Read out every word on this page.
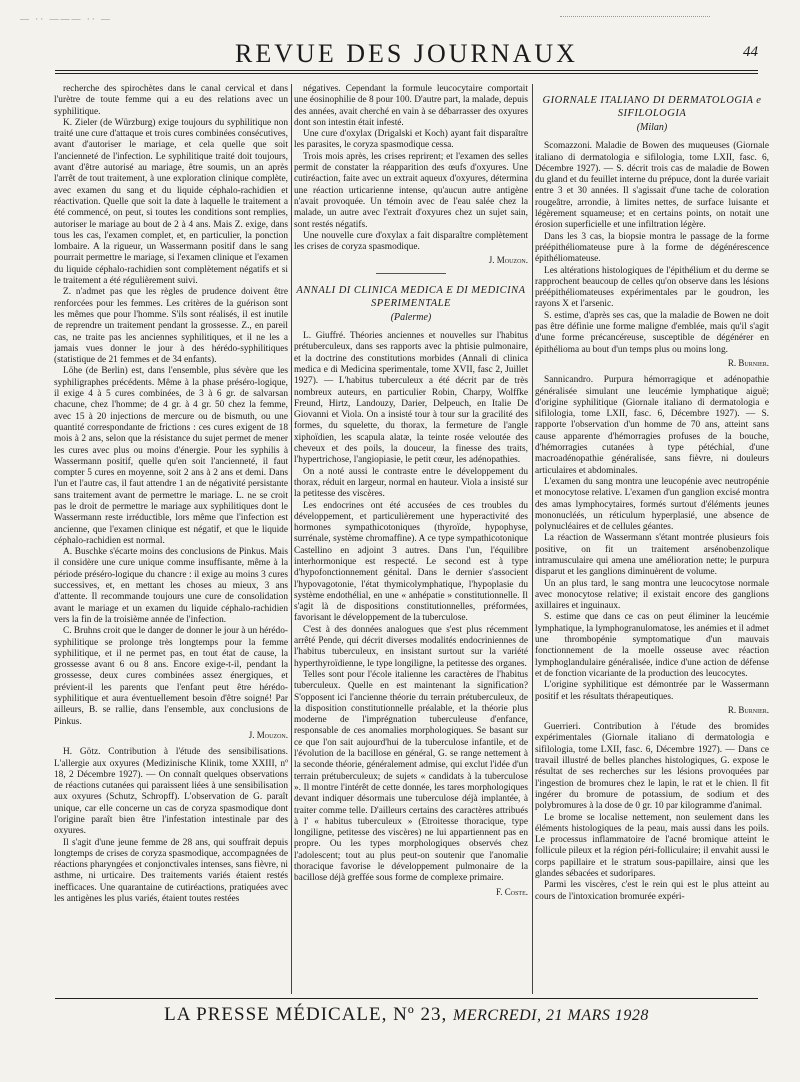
— ·· ——— ·· —
REVUE DES JOURNAUX	44

recherche des spirochètes dans le canal cervical et dans l'urètre de toute femme qui a eu des relations avec un syphilitique.

K. Zieler (de Würzburg) exige toujours du syphilitique non traité une cure d'attaque et trois cures combinées consécutives, avant d'autoriser le mariage, et cela quelle que soit l'ancienneté de l'infection. Le syphilitique traité doit toujours, avant d'être autorisé au mariage, être soumis, un an après l'arrêt de tout traitement, à une exploration clinique complète, avec examen du sang et du liquide céphalo-rachidien et réactivation. Quelle que soit la date à laquelle le traitement a été commencé, on peut, si toutes les conditions sont remplies, autoriser le mariage au bout de 2 à 4 ans. Mais Z. exige, dans tous les cas, l'examen complet, et, en particulier, la ponction lombaire. A la rigueur, un Wassermann positif dans le sang pourrait permettre le mariage, si l'examen clinique et l'examen du liquide céphalo-rachidien sont complètement négatifs et si le traitement a été régulièrement suivi.

Z. n'admet pas que les règles de prudence doivent être renforcées pour les femmes. Les critères de la guérison sont les mêmes que pour l'homme. S'ils sont réalisés, il est inutile de reprendre un traitement pendant la grossesse. Z., en pareil cas, ne traite pas les anciennes syphilitiques, et il ne les a jamais vues donner le jour à des hérédo-syphilitiques (statistique de 21 femmes et de 34 enfants).

Löhe (de Berlin) est, dans l'ensemble, plus sévère que les syphiligraphes précédents. Même à la phase préséro-logique, il exige 4 à 5 cures combinées, de 3 à 6 gr. de salvarsan chacune, chez l'homme; de 4 gr. à 4 gr. 50 chez la femme, avec 15 à 20 injections de mercure ou de bismuth, ou une quantité correspondante de frictions : ces cures exigent de 18 mois à 2 ans, selon que la résistance du sujet permet de mener les cures avec plus ou moins d'énergie. Pour les syphilis à Wassermann positif, quelle qu'en soit l'ancienneté, il faut compter 5 cures en moyenne, soit 2 ans à 2 ans et demi. Dans l'un et l'autre cas, il faut attendre 1 an de négativité persistante sans traitement avant de permettre le mariage. L. ne se croit pas le droit de permettre le mariage aux syphilitiques dont le Wassermann reste irréductible, lors même que l'infection est ancienne, que l'examen clinique est négatif, et que le liquide céphalo-rachidien est normal.

A. Buschke s'écarte moins des conclusions de Pinkus. Mais il considère une cure unique comme insuffisante, même à la période préséro-logique du chancre : il exige au moins 3 cures successives, et, en mettant les choses au mieux, 3 ans d'attente. Il recommande toujours une cure de consolidation avant le mariage et un examen du liquide céphalo-rachidien vers la fin de la troisième année de l'infection.

C. Bruhns croit que le danger de donner le jour à un hérédo-syphilitique se prolonge très longtemps pour la femme syphilitique, et il ne permet pas, en tout état de cause, la grossesse avant 6 ou 8 ans. Encore exige-t-il, pendant la grossesse, deux cures combinées assez énergiques, et prévient-il les parents que l'enfant peut être hérédo-syphilitique et aura éventuellement besoin d'être soigné! Par ailleurs, B. se rallie, dans l'ensemble, aux conclusions de Pinkus.

J. Mouzon.

H. Götz. Contribution à l'étude des sensibilisations. L'allergie aux oxyures (Medizinische Klinik, tome XXIII, nº 18, 2 Décembre 1927). — On connaît quelques observations de réactions cutanées qui paraissent liées à une sensibilisation aux oxyures (Schutz, Schropff). L'observation de G. paraît unique, car elle concerne un cas de coryza spasmodique dont l'origine paraît bien être l'infestation intestinale par des oxyures.

Il s'agit d'une jeune femme de 28 ans, qui souffrait depuis longtemps de crises de coryza spasmodique, accompagnées de réactions pharyngées et conjonctivales intenses, sans fièvre, ni asthme, ni urticaire. Des traitements variés étaient restés inefficaces. Une quarantaine de cutiréactions, pratiquées avec les antigènes les plus variés, étaient toutes restées

négatives. Cependant la formule leucocytaire comportait une éosinophilie de 8 pour 100. D'autre part, la malade, depuis des années, avait cherché en vain à se débarrasser des oxyures dont son intestin était infesté.

Une cure d'oxylax (Drigalski et Koch) ayant fait disparaître les parasites, le coryza spasmodique cessa.

Trois mois après, les crises reprirent; et l'examen des selles permit de constater la réapparition des œufs d'oxyures. Une cutiréaction, faite avec un extrait aqueux d'oxyures, détermina une réaction urticarienne intense, qu'aucun autre antigène n'avait provoquée. Un témoin avec de l'eau salée chez la malade, un autre avec l'extrait d'oxyures chez un sujet sain, sont restés négatifs.

Une nouvelle cure d'oxylax a fait disparaître complètement les crises de coryza spasmodique.

J. Mouzon.

ANNALI DI CLINICA MEDICA E DI MEDICINA SPERIMENTALE
(Palerme)

L. Giuffré. Théories anciennes et nouvelles sur l'habitus prétuberculeux, dans ses rapports avec la phtisie pulmonaire, et la doctrine des constitutions morbides (Annali di clinica medica e di Medicina sperimentale, tome XVII, fasc 2, Juillet 1927). — L'habitus tuberculeux a été décrit par de très nombreux auteurs, en particulier Robin, Charpy, Wolffke Freund, Hirtz, Landouzy, Darier, Delpeuch, en Italie De Giovanni et Viola. On a insisté tour à tour sur la gracilité des formes, du squelette, du thorax, la fermeture de l'angle xiphoïdien, les scapula alatæ, la teinte rosée veloutée des cheveux et des poils, la douceur, la finesse des traits, l'hypertrichose, l'angiopiasie, le petit cœur, les adénopathies.

On a noté aussi le contraste entre le développement du thorax, réduit en largeur, normal en hauteur. Viola a insisté sur la petitesse des viscères.

Les endocrines ont été accusées de ces troubles du développement, et particulièrement une hyperactivité des hormones sympathicotoniques (thyroïde, hypophyse, surrénale, système chromaffine). A ce type sympathicotonique Castellino en adjoint 3 autres. Dans l'un, l'équilibre interhormonique est respecté. Le second est à type d'hypofonctionnement génital. Dans le dernier s'associent l'hypovagotonie, l'état thymicolymphatique, l'hypoplasie du système endothélial, en une « anhépatie » constitutionnelle. Il s'agit là de dispositions constitutionnelles, préformées, favorisant le développement de la tuberculose.

C'est à des données analogues que s'est plus récemment arrêté Pende, qui décrit diverses modalités endocriniennes de l'habitus tuberculeux, en insistant surtout sur la variété hyperthyroïdienne, le type longiligne, la petitesse des organes.

Telles sont pour l'école italienne les caractères de l'habitus tuberculeux. Quelle en est maintenant la signification? S'opposent ici l'ancienne théorie du terrain prétuberculeux, de la disposition constitutionnelle préalable, et la théorie plus moderne de l'imprégnation tuberculeuse d'enfance, responsable de ces anomalies morphologiques. Se basant sur ce que l'on sait aujourd'hui de la tuberculose infantile, et de l'évolution de la bacillose en général, G. se range nettement à la seconde théorie, généralement admise, qui exclut l'idée d'un terrain prétuberculeux; de sujets « candidats à la tuberculose ». Il montre l'intérêt de cette donnée, les tares morphologiques devant indiquer désormais une tuberculose déjà implantée, à traiter comme telle. D'ailleurs certains des caractères attribués à l' « habitus tuberculeux » (Etroitesse thoracique, type longiligne, petitesse des viscères) ne lui appartiennent pas en propre. Ou les types morphologiques observés chez l'adolescent; tout au plus peut-on soutenir que l'anomalie thoracique favorise le développement pulmonaire de la bacillose déjà greffée sous forme de complexe primaire.

F. Coste.

GIORNALE ITALIANO DI DERMATOLOGIA e SIFILOLOGIA
(Milan)

Scomazzoni. Maladie de Bowen des muqueuses (Giornale italiano di dermatologia e sifilologia, tome LXII, fasc. 6, Décembre 1927). — S. décrit trois cas de maladie de Bowen du gland et du feuillet interne du prépuce, dont la durée variait entre 3 et 30 années. Il s'agissait d'une tache de coloration rougeâtre, arrondie, à limites nettes, de surface luisante et légèrement squameuse; et en certains points, on notait une érosion superficielle et une infiltration légère.

Dans les 3 cas, la biopsie montra le passage de la forme préépithéliomateuse pure à la forme de dégénérescence épithéliomateuse.

Les altérations histologiques de l'épithélium et du derme se rapprochent beaucoup de celles qu'on observe dans les lésions préépithéliomateuses expérimentales par le goudron, les rayons X et l'arsenic.

S. estime, d'après ses cas, que la maladie de Bowen ne doit pas être définie une forme maligne d'emblée, mais qu'il s'agit d'une forme précancéreuse, susceptible de dégénérer en épithélioma au bout d'un temps plus ou moins long.

R. Burnier.

Sannicandro. Purpura hémorragique et adénopathie généralisée simulant une leucémie lymphatique aiguë; d'origine syphilitique (Giornale italiano di dermatologia e sifilologia, tome LXII, fasc. 6, Décembre 1927). — S. rapporte l'observation d'un homme de 70 ans, atteint sans cause apparente d'hémorragies profuses de la bouche, d'hémorragies cutanées à type pétéchial, d'une macroadénopathie généralisée, sans fièvre, ni douleurs articulaires et abdominales.

L'examen du sang montra une leucopénie avec neutropénie et monocytose relative. L'examen d'un ganglion excisé montra des amas lymphocytaires, formés surtout d'éléments jeunes mononucléés, un réticulum hyperplasié, une absence de polynucléaires et de cellules géantes.

La réaction de Wassermann s'étant montrée plusieurs fois positive, on fit un traitement arsénobenzolique intramusculaire qui amena une amélioration nette; le purpura disparut et les ganglions diminuèrent de volume.

Un an plus tard, le sang montra une leucocytose normale avec monocytose relative; il existait encore des ganglions axillaires et inguinaux.

S. estime que dans ce cas on peut éliminer la leucémie lymphatique, la lymphogranulomatose, les anémies et il admet une thrombopénie symptomatique d'un mauvais fonctionnement de la moelle osseuse avec réaction lymphoglandulaire généralisée, indice d'une action de défense et de fonction vicariante de la production des leucocytes.

L'origine syphilitique est démontrée par le Wassermann positif et les résultats thérapeutiques.

R. Burnier.

Guerrieri. Contribution à l'étude des bromides expérimentales (Giornale italiano di dermatologia e sifilologia, tome LXII, fasc. 6, Décembre 1927). — Dans ce travail illustré de belles planches histologiques, G. expose le résultat de ses recherches sur les lésions provoquées par l'ingestion de bromures chez le lapin, le rat et le chien. Il fit ingérer du bromure de potassium, de sodium et des polybromures à la dose de 0 gr. 10 par kilogramme d'animal.

Le brome se localise nettement, non seulement dans les éléments histologiques de la peau, mais aussi dans les poils. Le processus inflammatoire de l'acné bromique atteint le follicule pileux et la région péri-folliculaire; il envahit aussi le corps papillaire et le stratum sous-papillaire, ainsi que les glandes sébacées et sudoripares.

Parmi les viscères, c'est le rein qui est le plus atteint au cours de l'intoxication bromurée expéri-

LA PRESSE MÉDICALE, Nº 23, MERCREDI, 21 MARS 1928
